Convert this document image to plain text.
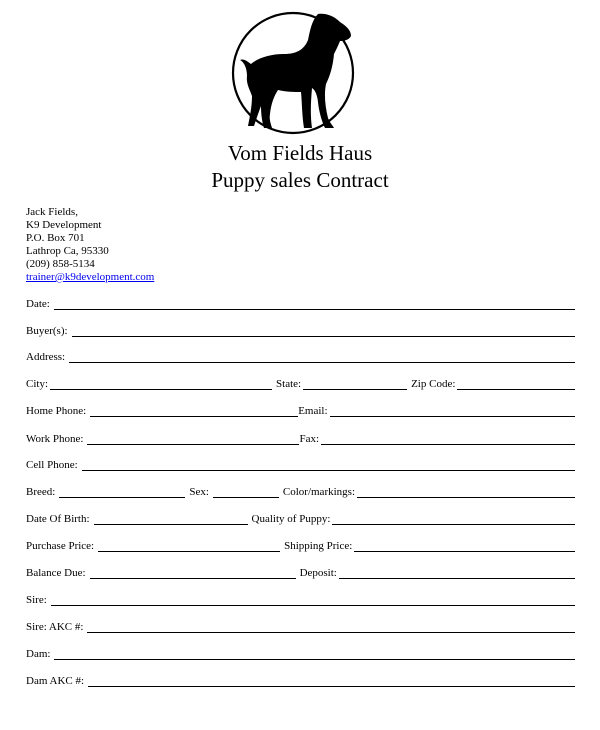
Vom Fields Haus
Puppy sales Contract
Jack Fields,
K9 Development
P.O. Box 701
Lathrop Ca, 95330
(209) 858-5134
trainer@k9development.com
Date:
Buyer(s):
Address:
City:	State:	Zip Code:
Home Phone:	Email:
Work Phone:	Fax:
Cell Phone:
Breed:	Sex:	Color/markings:
Date Of Birth:	Quality of Puppy:
Purchase Price:	Shipping Price:
Balance Due:	Deposit:
Sire:
Sire: AKC #:
Dam:
Dam AKC #:
